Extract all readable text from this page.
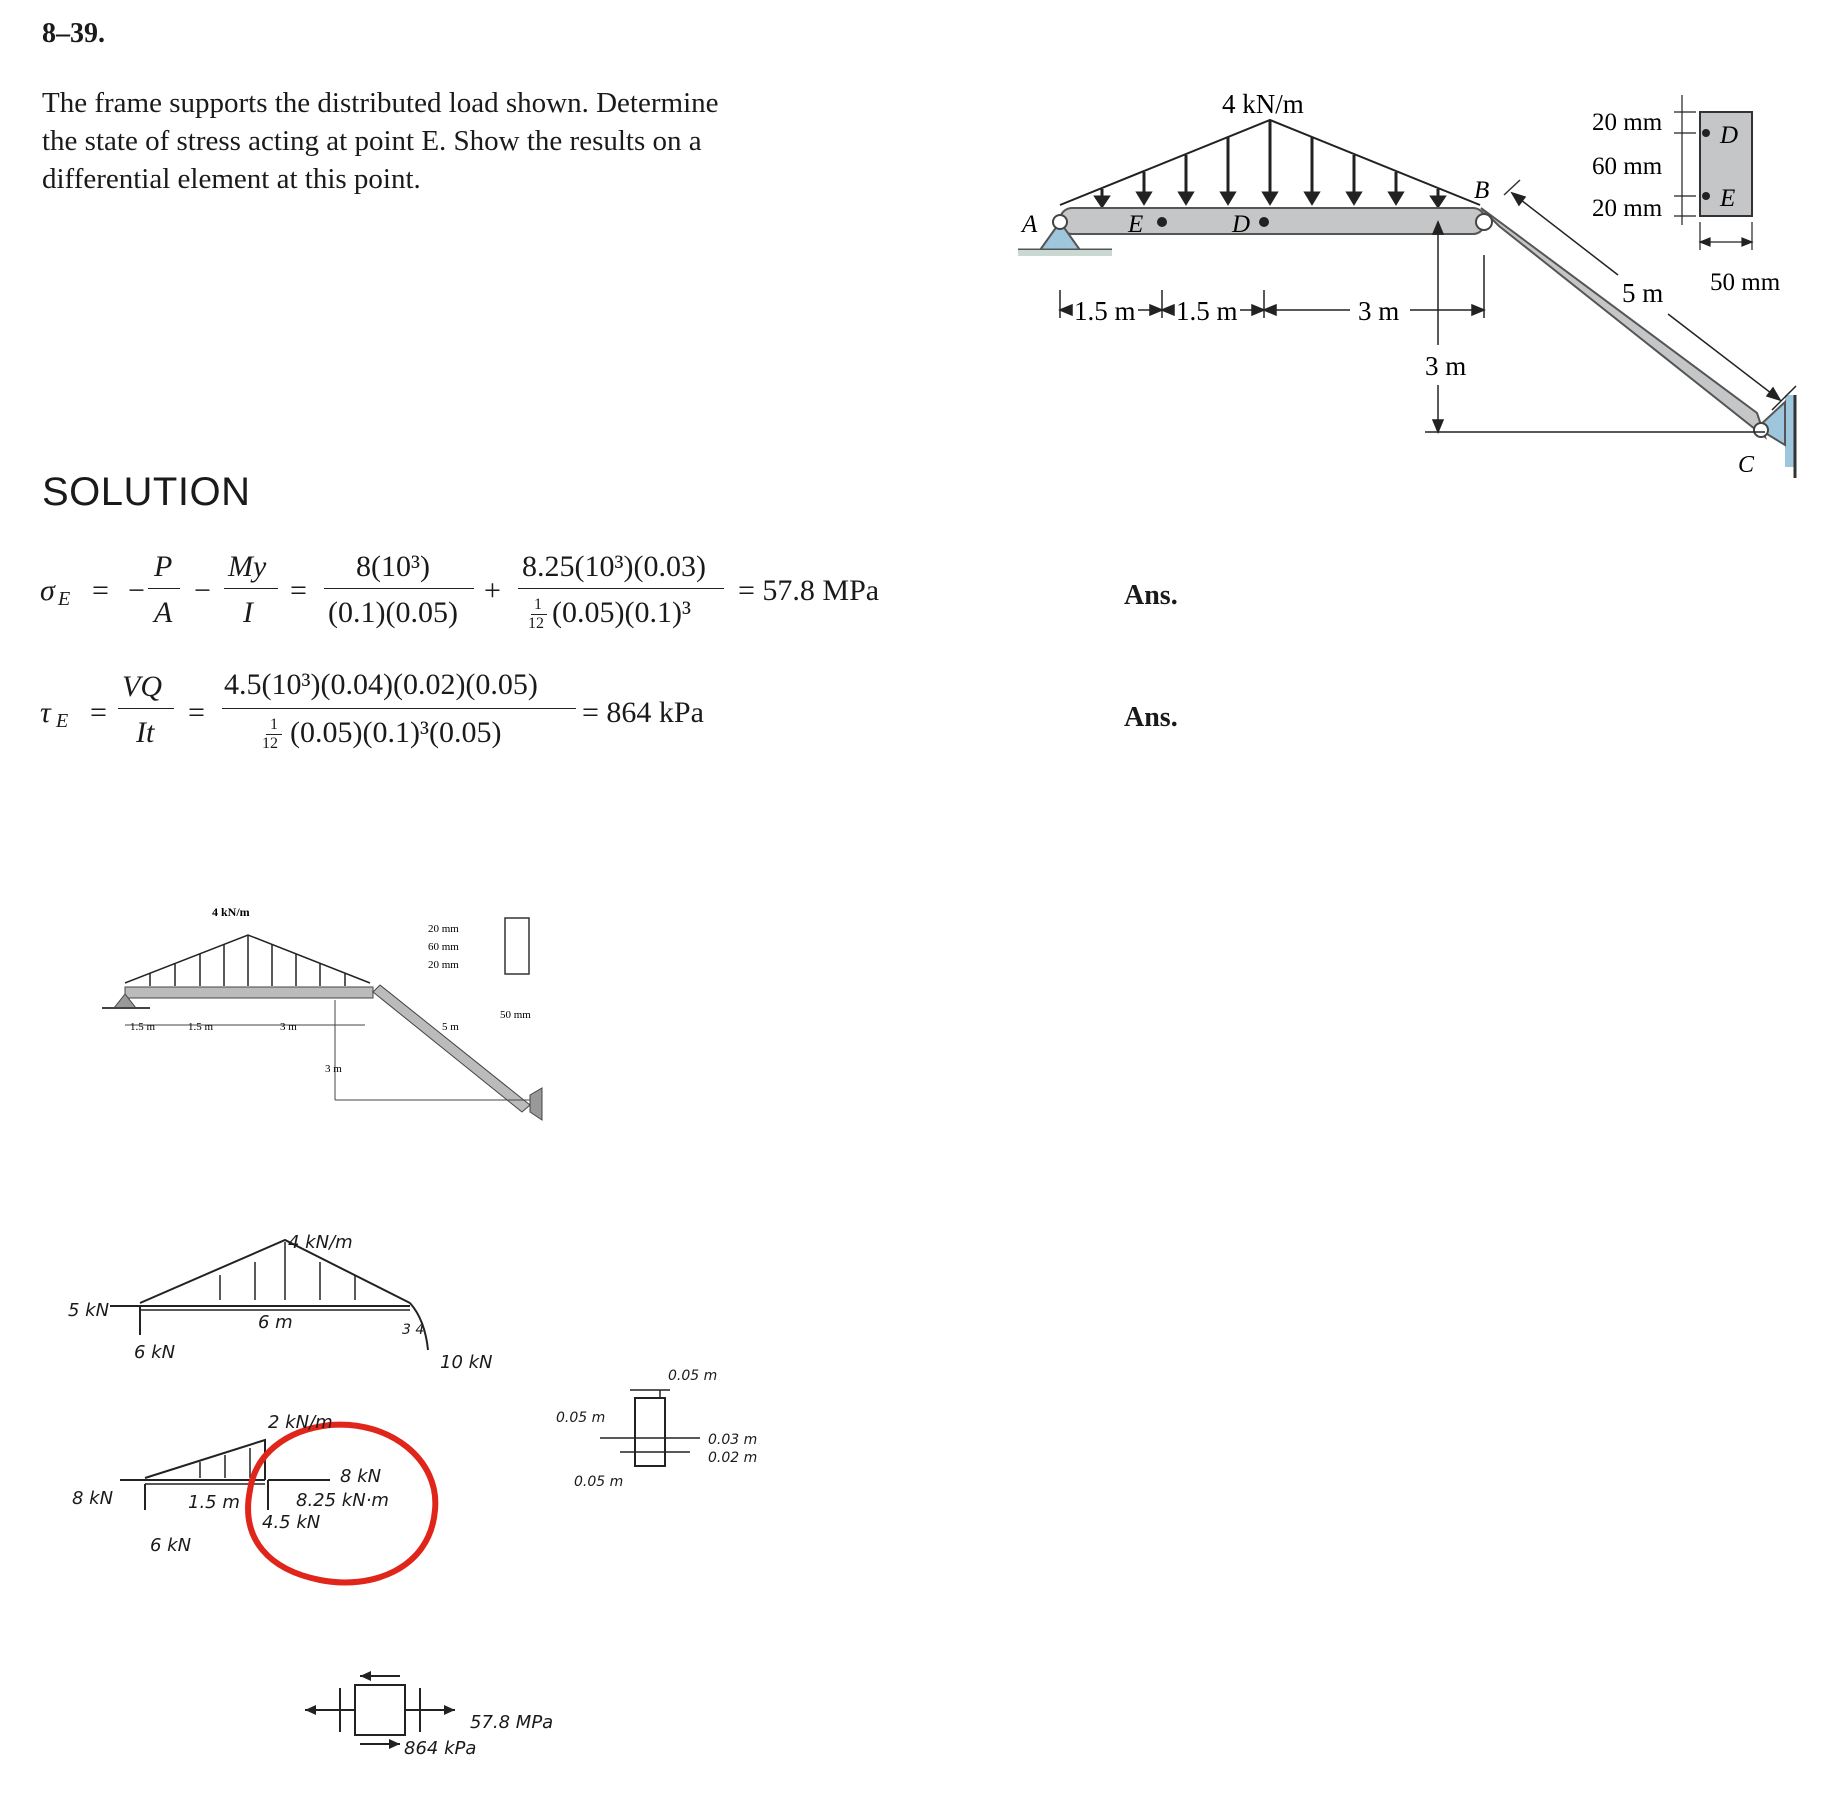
8–39.
The frame supports the distributed load shown. Determine
the state of stress acting at point E. Show the results on a
differential element at this point.
SOLUTION
4 kN/m
A
B
E	D
C
1.5 m 1.5 m	3 m
3 m
5 m
D
E
20 mm
60 mm
20 mm
50 mm
σ E = −
P
A
−
My
I
=
8(10³)
(0.1)(0.05)
+
8.25(10³)(0.03)
1
12 (0.05)(0.1)³
= 57.8 MPa	Ans.
τ E =
VQ
It
=
4.5(10³)(0.04)(0.02)(0.05)
1
12 (0.05)(0.1)³(0.05)
= 864 kPa	Ans.
4 kN/m
1.5 m	1.5 m	3 m
3 m
5 m
20 mm
60 mm
20 mm
50 mm
4 kN/m
5 kN
6 kN
6 m
10 kN
3 4
2 kN/m
8 kN
6 kN
1.5 m
8 kN
8.25 kN·m
4.5 kN
0.05 m
0.05 m
0.03 m
0.02 m
0.05 m
57.8 MPa
864 kPa
